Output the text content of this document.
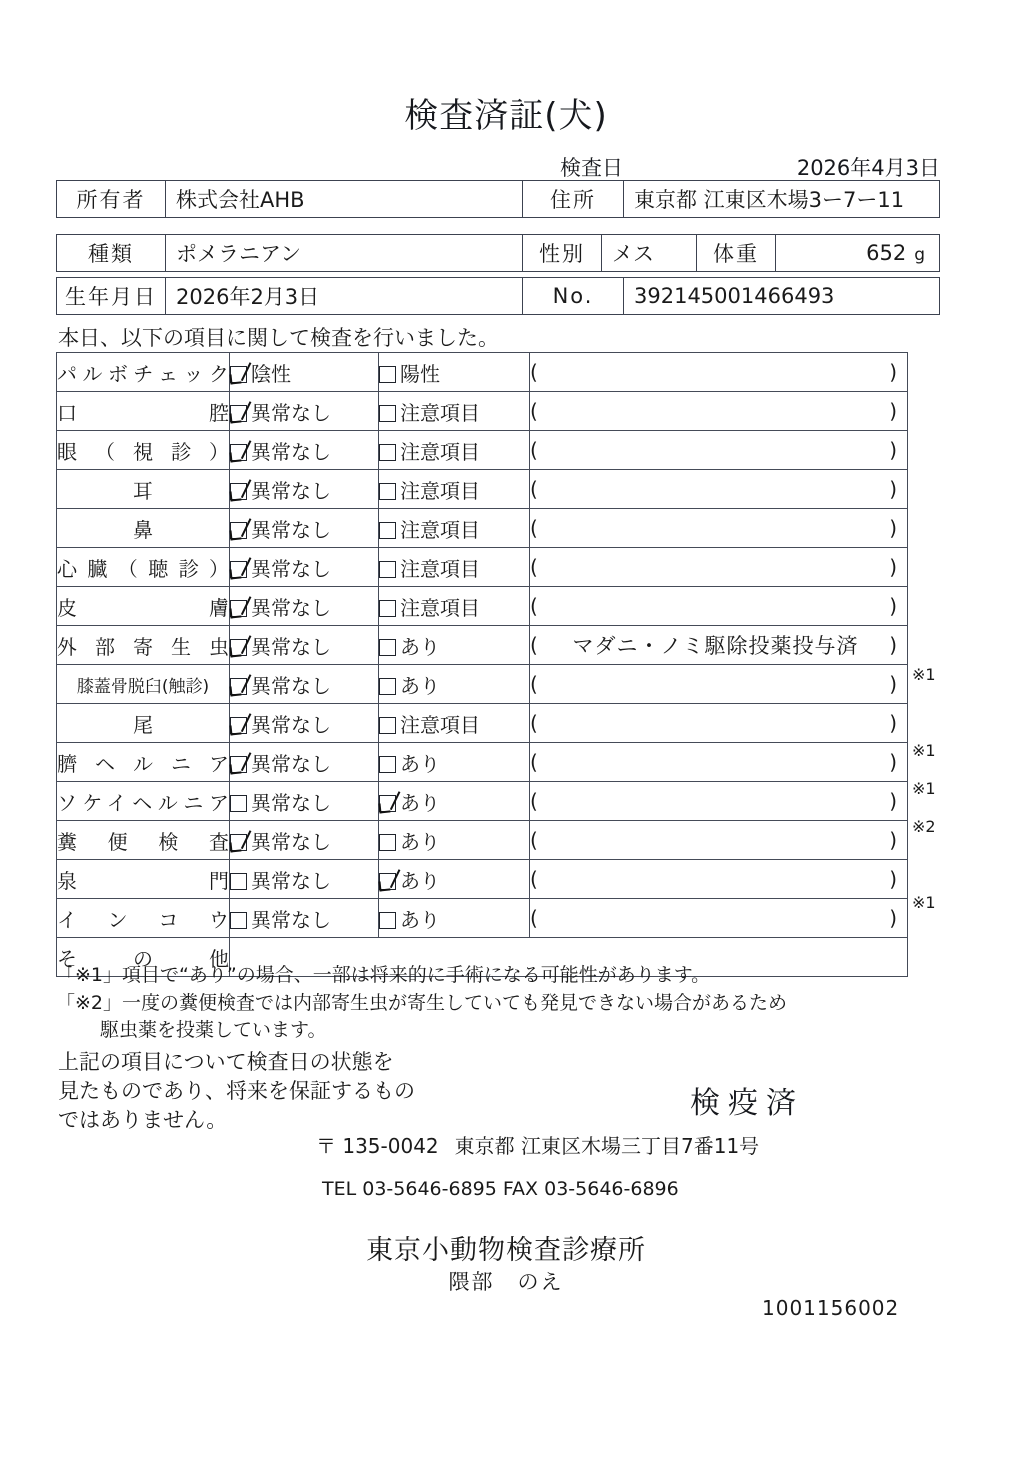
検査済証(犬)
検査日	2026年4月3日
所有者	株式会社AHB	住所	東京都 江東区木場3ー7ー11
種類	ポメラニアン	性別	メス	体重	652 g
生年月日	2026年2月3日	No.	392145001466493
本日、以下の項目に関して検査を行いました。
パルボチェック	陰性	陽性	( )

口　　　　　腔	異常なし	注意項目	( )

眼（視診）	異常なし	注意項目	( )

耳	異常なし	注意項目	( )

鼻	異常なし	注意項目	( )

心臓（聴診）	異常なし	注意項目	( )

皮　　　　　膚	異常なし	注意項目	( )

外部寄生虫	異常なし	あり	( マダニ・ノミ駆除投薬投与済 )

膝蓋骨脱臼(触診)	異常なし	あり	( )

尾	異常なし	注意項目	( )

臍ヘルニア	異常なし	あり	( )

ソケイヘルニア	異常なし	あり	( )

糞便検査	異常なし	あり	( )

泉　　　　　門	異常なし	あり	( )

インコウ	異常なし	あり	( )

そ　の　他			
※1
※1
※1
※2
※1
「※1」項目で“あり”の場合、一部は将来的に手術になる可能性があります。
「※2」一度の糞便検査では内部寄生虫が寄生していても発見できない場合があるため
駆虫薬を投薬しています。
上記の項目について検査日の状態を
見たものであり、将来を保証するもの
ではありません。	検疫済
〒 135-0042 東京都 江東区木場三丁目7番11号
TEL 03-5646-6895 FAX 03-5646-6896
東京小動物検査診療所
隈部　のえ
1001156002
